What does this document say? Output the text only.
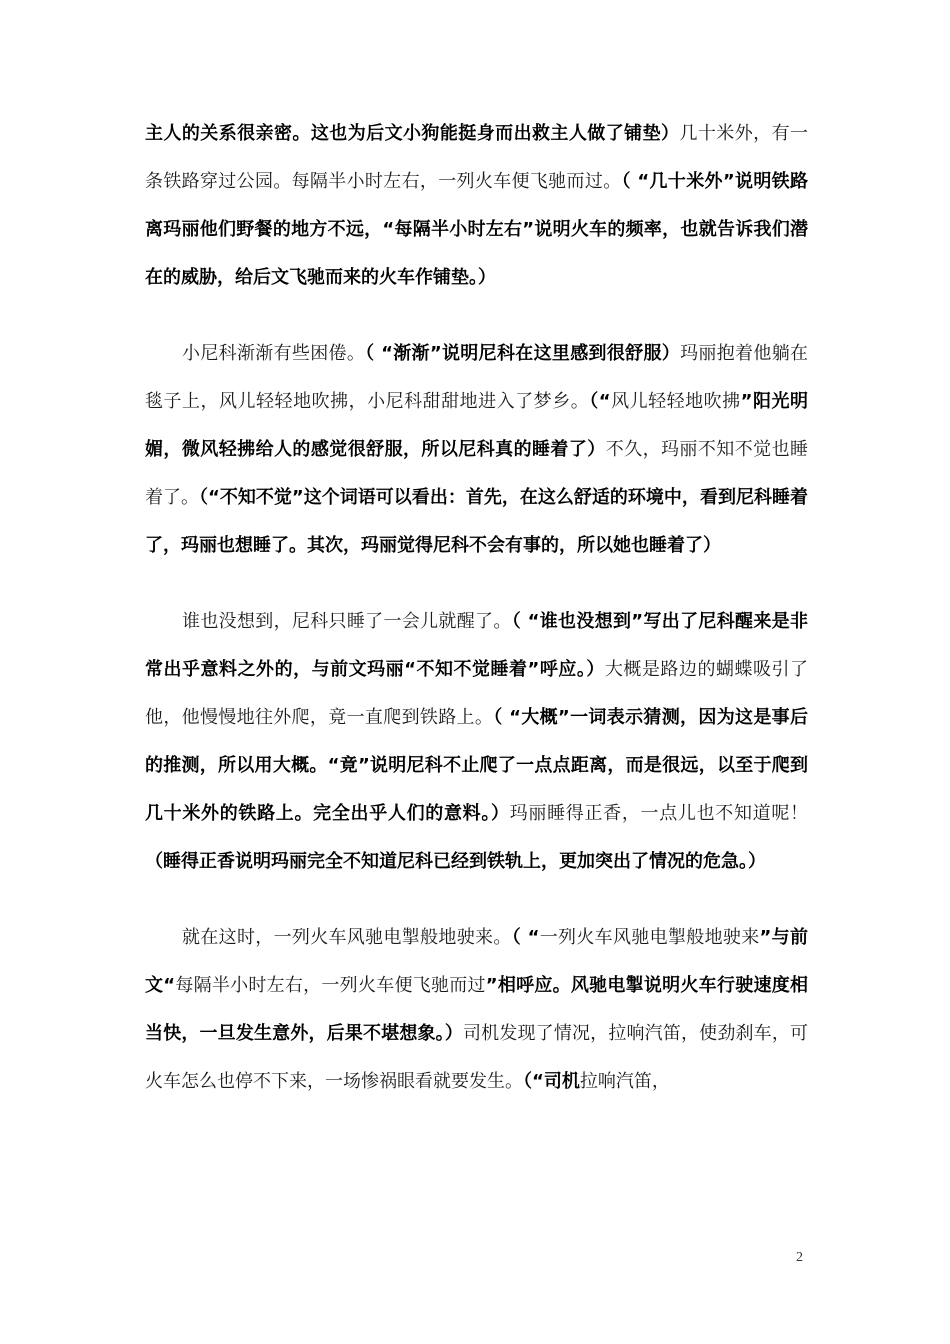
主人的关系很亲密。这也为后文小狗能挺身而出救主人做了铺垫）几十米外，有一条铁路穿过公园。每隔半小时左右，一列火车便飞驰而过。（ “几十米外”说明铁路离玛丽他们野餐的地方不远，“每隔半小时左右”说明火车的频率，也就告诉我们潜在的威胁，给后文飞驰而来的火车作铺垫。）

小尼科渐渐有些困倦。（ “渐渐”说明尼科在这里感到很舒服）玛丽抱着他躺在毯子上，风儿轻轻地吹拂，小尼科甜甜地进入了梦乡。（“风儿轻轻地吹拂”阳光明媚，微风轻拂给人的感觉很舒服，所以尼科真的睡着了）不久，玛丽不知不觉也睡着了。（“不知不觉”这个词语可以看出：首先，在这么舒适的环境中，看到尼科睡着了，玛丽也想睡了。其次，玛丽觉得尼科不会有事的，所以她也睡着了）

谁也没想到，尼科只睡了一会儿就醒了。（ “谁也没想到”写出了尼科醒来是非常出乎意料之外的，与前文玛丽“不知不觉睡着”呼应。）大概是路边的蝴蝶吸引了他，他慢慢地往外爬，竟一直爬到铁路上。（ “大概”一词表示猜测，因为这是事后的推测，所以用大概。“竟”说明尼科不止爬了一点点距离，而是很远，以至于爬到几十米外的铁路上。完全出乎人们的意料。）玛丽睡得正香，一点儿也不知道呢！（睡得正香说明玛丽完全不知道尼科已经到铁轨上，更加突出了情况的危急。）

就在这时，一列火车风驰电掣般地驶来。（ “一列火车风驰电掣般地驶来”与前文“每隔半小时左右，一列火车便飞驰而过”相呼应。风驰电掣说明火车行驶速度相当快，一旦发生意外，后果不堪想象。）司机发现了情况，拉响汽笛，使劲刹车，可火车怎么也停不下来，一场惨祸眼看就要发生。（“司机拉响汽笛，

2
